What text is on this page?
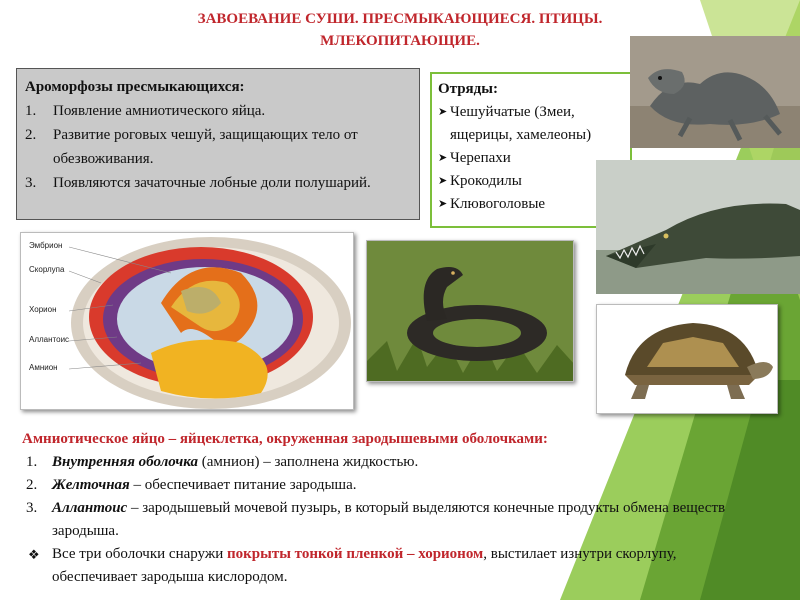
ЗАВОЕВАНИЕ СУШИ. ПРЕСМЫКАЮЩИЕСЯ. ПТИЦЫ.
МЛЕКОПИТАЮЩИЕ.
Ароморфозы пресмыкающихся:
1. Появление амниотического яйца.
2. Развитие роговых чешуй, защищающих тело от обезвоживания.
3. Появляются зачаточные лобные доли полушарий.
Отряды:
➤ Чешуйчатые (Змеи, ящерицы, хамелеоны)
➤ Черепахи
➤ Крокодилы
➤ Клювоголовые
Эмбрион
Скорлупа
Хорион
Аллантоис
Амнион
Амниотическое яйцо – яйцеклетка, окруженная зародышевыми оболочками:
1. Внутренняя оболочка (амнион) – заполнена жидкостью.
2. Желточная – обеспечивает питание зародыша.
3. Аллантоис – зародышевый мочевой пузырь, в который выделяются конечные продукты обмена веществ зародыша.
❖ Все три оболочки снаружи покрыты тонкой пленкой – хорионом, выстилает изнутри скорлупу, обеспечивает зародыша кислородом.
